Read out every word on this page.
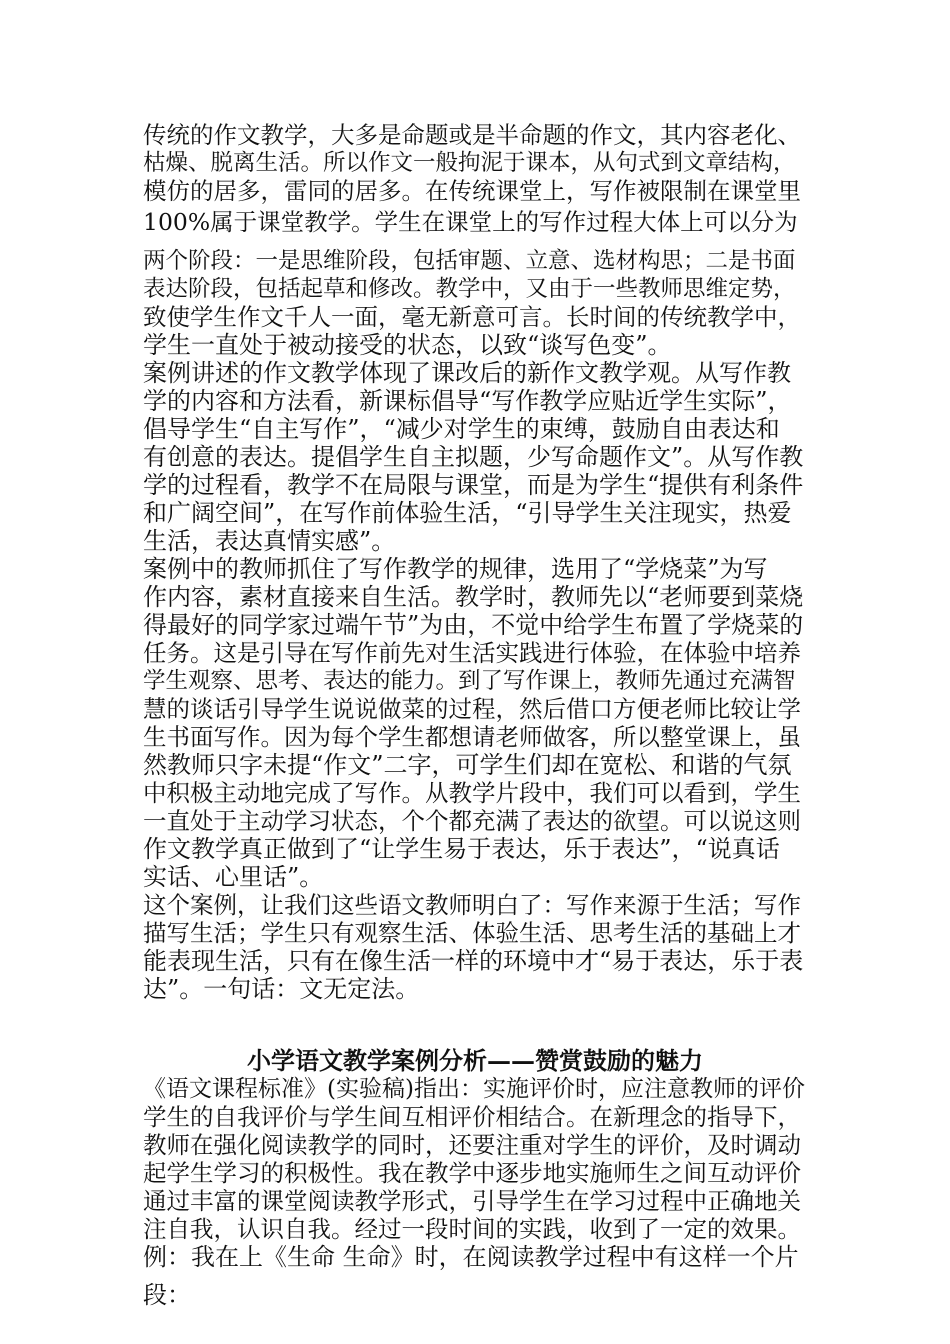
传统的作文教学，大多是命题或是半命题的作文，其内容老化、
枯燥、脱离生活。所以作文一般拘泥于课本，从句式到文章结构，
模仿的居多，雷同的居多。在传统课堂上，写作被限制在课堂里
100%属于课堂教学。学生在课堂上的写作过程大体上可以分为
两个阶段：一是思维阶段，包括审题、立意、选材构思；二是书面
表达阶段，包括起草和修改。教学中，又由于一些教师思维定势，
致使学生作文千人一面，毫无新意可言。长时间的传统教学中，
学生一直处于被动接受的状态，以致“谈写色变”。
案例讲述的作文教学体现了课改后的新作文教学观。从写作教
学的内容和方法看，新课标倡导“写作教学应贴近学生实际”，
倡导学生“自主写作”，“减少对学生的束缚，鼓励自由表达和
有创意的表达。提倡学生自主拟题，少写命题作文”。从写作教
学的过程看，教学不在局限与课堂，而是为学生“提供有利条件
和广阔空间”，在写作前体验生活，“引导学生关注现实，热爱
生活，表达真情实感”。
案例中的教师抓住了写作教学的规律，选用了“学烧菜”为写
作内容，素材直接来自生活。教学时，教师先以“老师要到菜烧
得最好的同学家过端午节”为由，不觉中给学生布置了学烧菜的
任务。这是引导在写作前先对生活实践进行体验，在体验中培养
学生观察、思考、表达的能力。到了写作课上，教师先通过充满智
慧的谈话引导学生说说做菜的过程，然后借口方便老师比较让学
生书面写作。因为每个学生都想请老师做客，所以整堂课上，虽
然教师只字未提“作文”二字，可学生们却在宽松、和谐的气氛
中积极主动地完成了写作。从教学片段中，我们可以看到，学生
一直处于主动学习状态，个个都充满了表达的欲望。可以说这则
作文教学真正做到了“让学生易于表达，乐于表达”，“说真话
实话、心里话”。
这个案例，让我们这些语文教师明白了：写作来源于生活；写作
描写生活；学生只有观察生活、体验生活、思考生活的基础上才
能表现生活，只有在像生活一样的环境中才“易于表达，乐于表
达”。一句话：文无定法。
小学语文教学案例分析——赞赏鼓励的魅力
《语文课程标准》(实验稿)指出：实施评价时，应注意教师的评价
学生的自我评价与学生间互相评价相结合。在新理念的指导下，
教师在强化阅读教学的同时，还要注重对学生的评价，及时调动
起学生学习的积极性。我在教学中逐步地实施师生之间互动评价
通过丰富的课堂阅读教学形式，引导学生在学习过程中正确地关
注自我，认识自我。经过一段时间的实践，收到了一定的效果。
例：我在上《生命 生命》时，在阅读教学过程中有这样一个片
段：
